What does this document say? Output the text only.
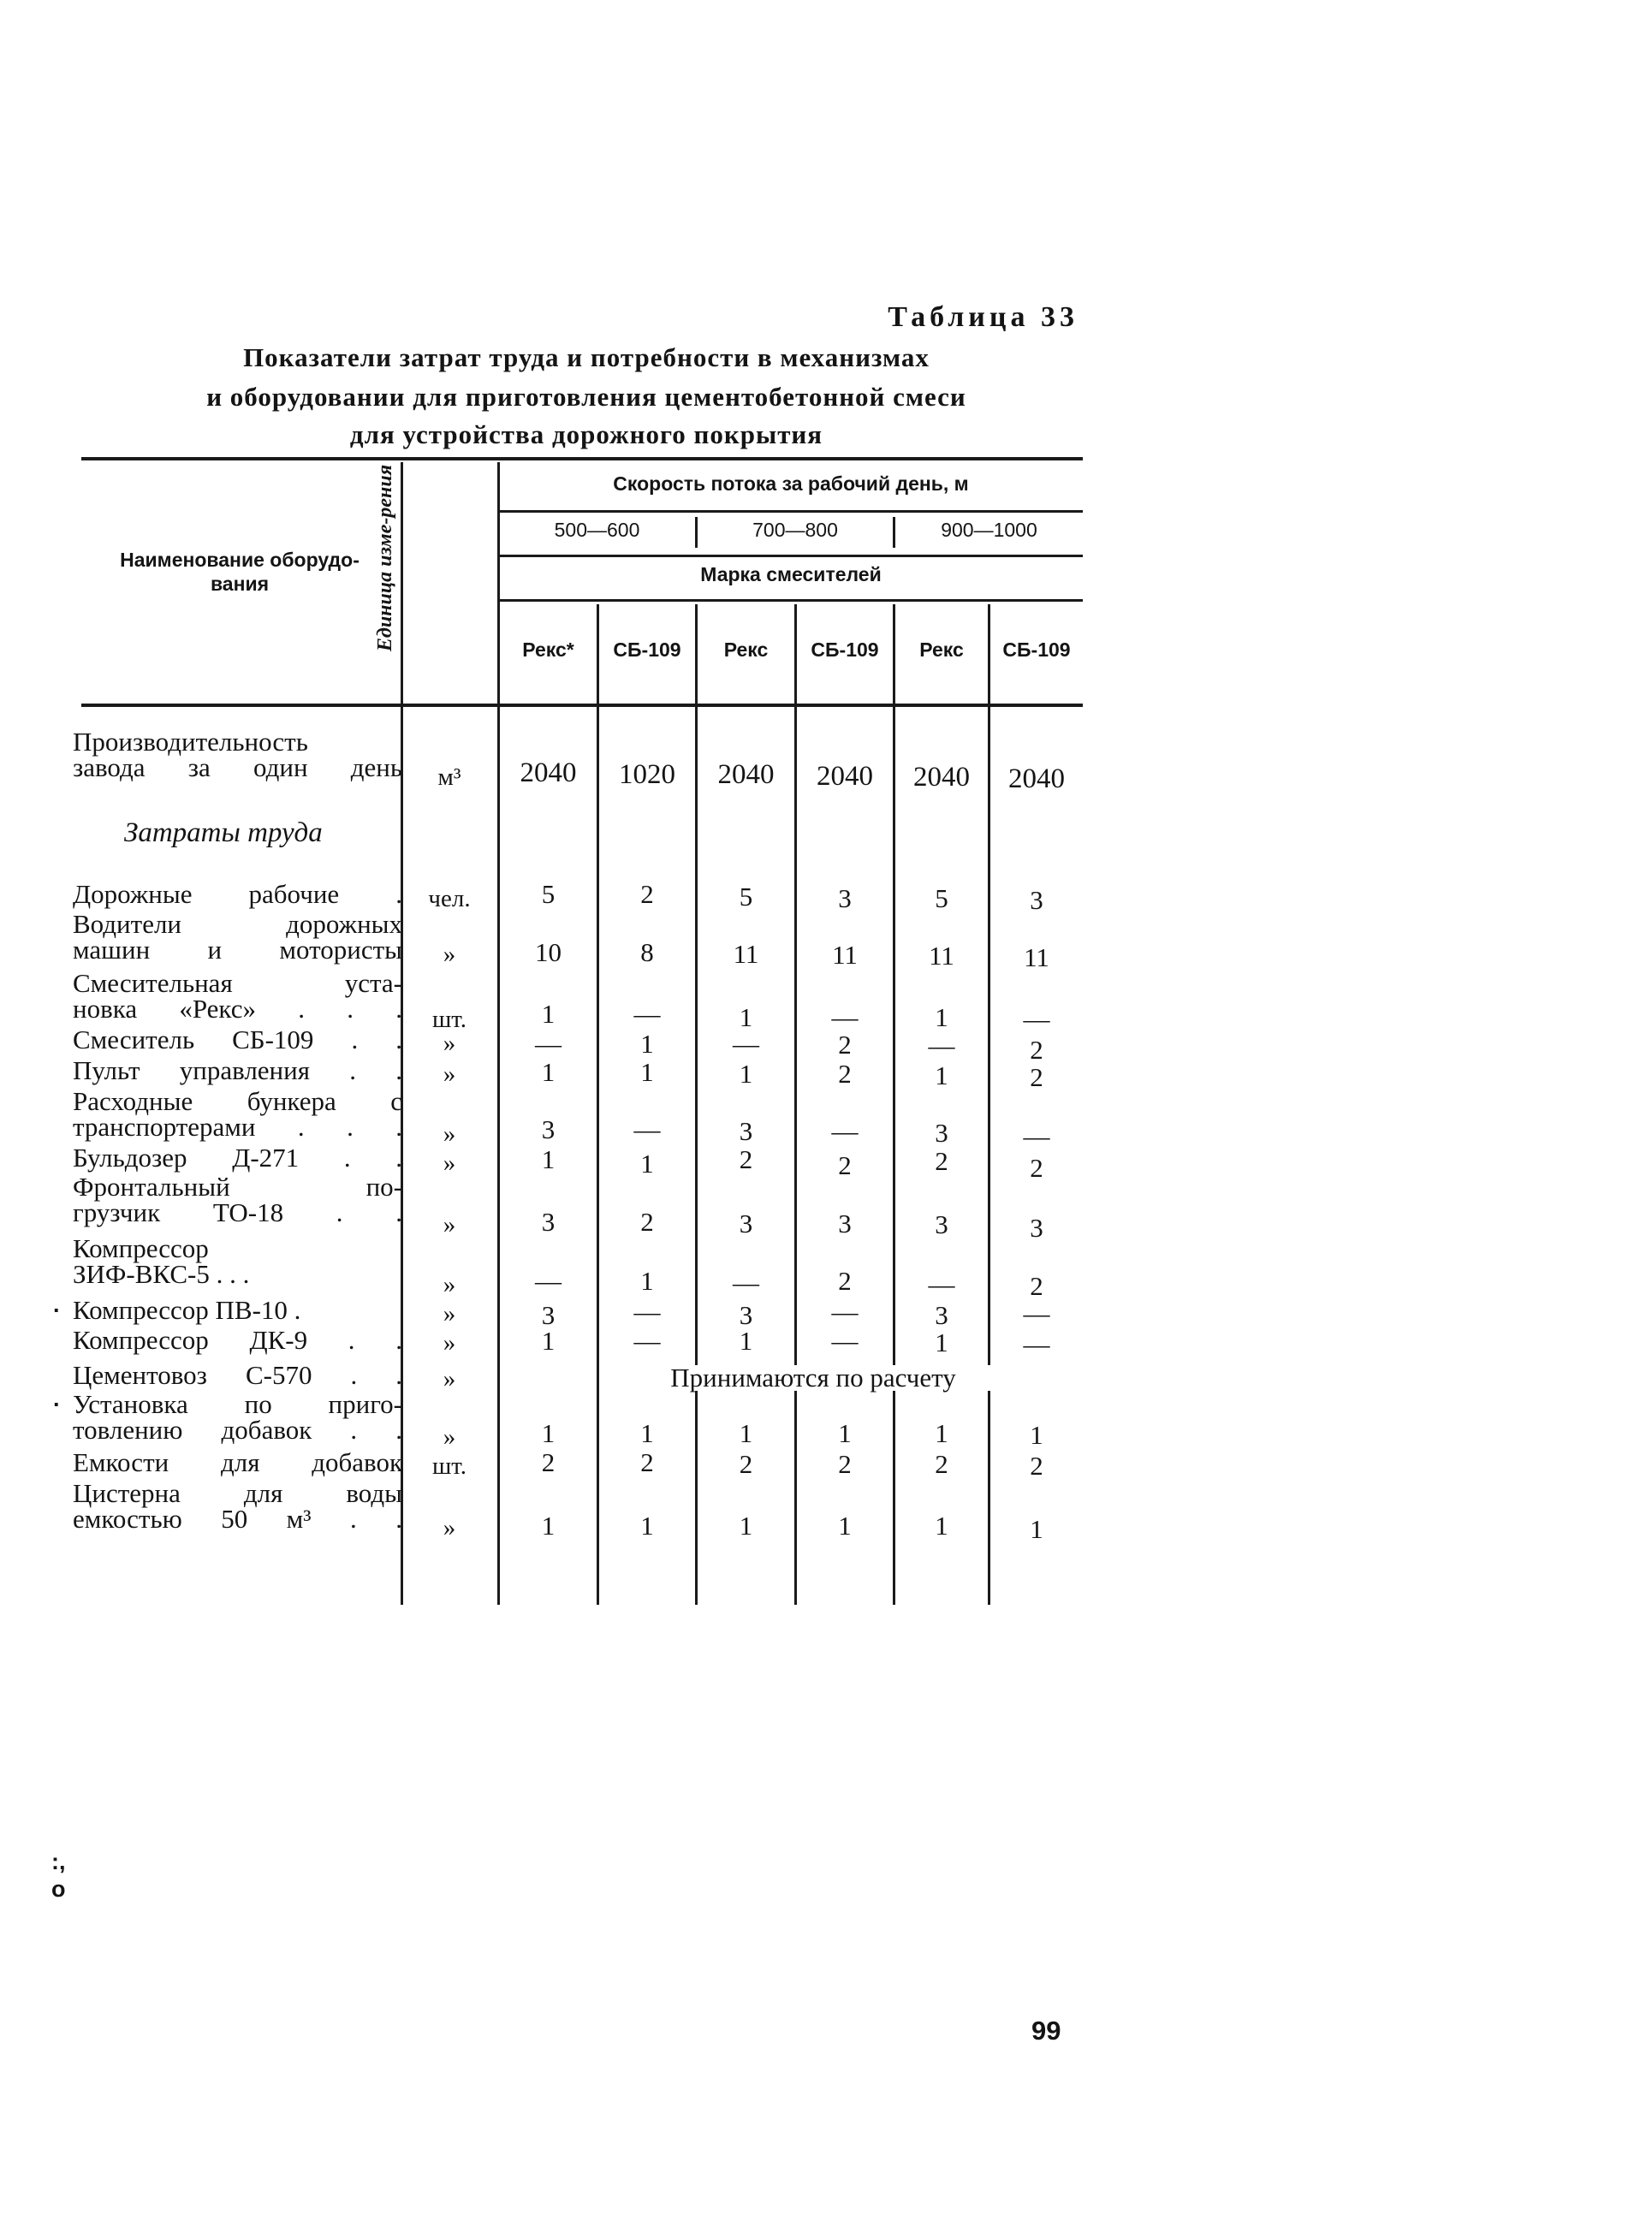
Таблица 33
Показатели затрат труда и потребности в механизмах
и оборудовании для приготовления цементобетонной смеси
для устройства дорожного покрытия
Наименование оборудо-
вания	Единица изме-рения	Скорость потока за рабочий день, м
500—600	700—800	900—1000
Марка смесителей
Рекс*	СБ-109	Рекс	СБ-109	Рекс	СБ-109
Производительность
завода за один день	м³	2040	1020	2040	2040	2040	2040
Затраты труда
Дорожные рабочие .	чел.	5	2	5	3	5	3
Водители дорожных
машин и мотористы	»	10	8	11	11	11	11
Смесительная уста-
новка «Рекс» . . .	шт.	1	—	1	—	1	—
Смеситель СБ-109 . .	»	—	1	—	2	—	2
Пульт управления . .	»	1	1	1	2	1	2
Расходные бункера с
транспортерами . . .	»	3	—	3	—	3	—
Бульдозер Д-271 . .	»	1	1	2	2	2	2
Фронтальный по-
грузчик ТО-18 . .	»	3	2	3	3	3	3
Компрессор
ЗИФ-ВКС-5 . . .	»	—	1	—	2	—	2
· Компрессор ПВ-10 .	»	3	—	3	—	3	—
Компрессор ДК-9 . .	»	1	—	1	—	1	—
Цементовоз С-570 . .	»	Принимаются по расчету
· Установка по приго-
товлению добавок . .	»	1	1	1	1	1	1
Емкости для добавок	шт.	2	2	2	2	2	2
Цистерна для воды
емкостью 50 м³ . .	»	1	1	1	1	1	1
:,
о
99
